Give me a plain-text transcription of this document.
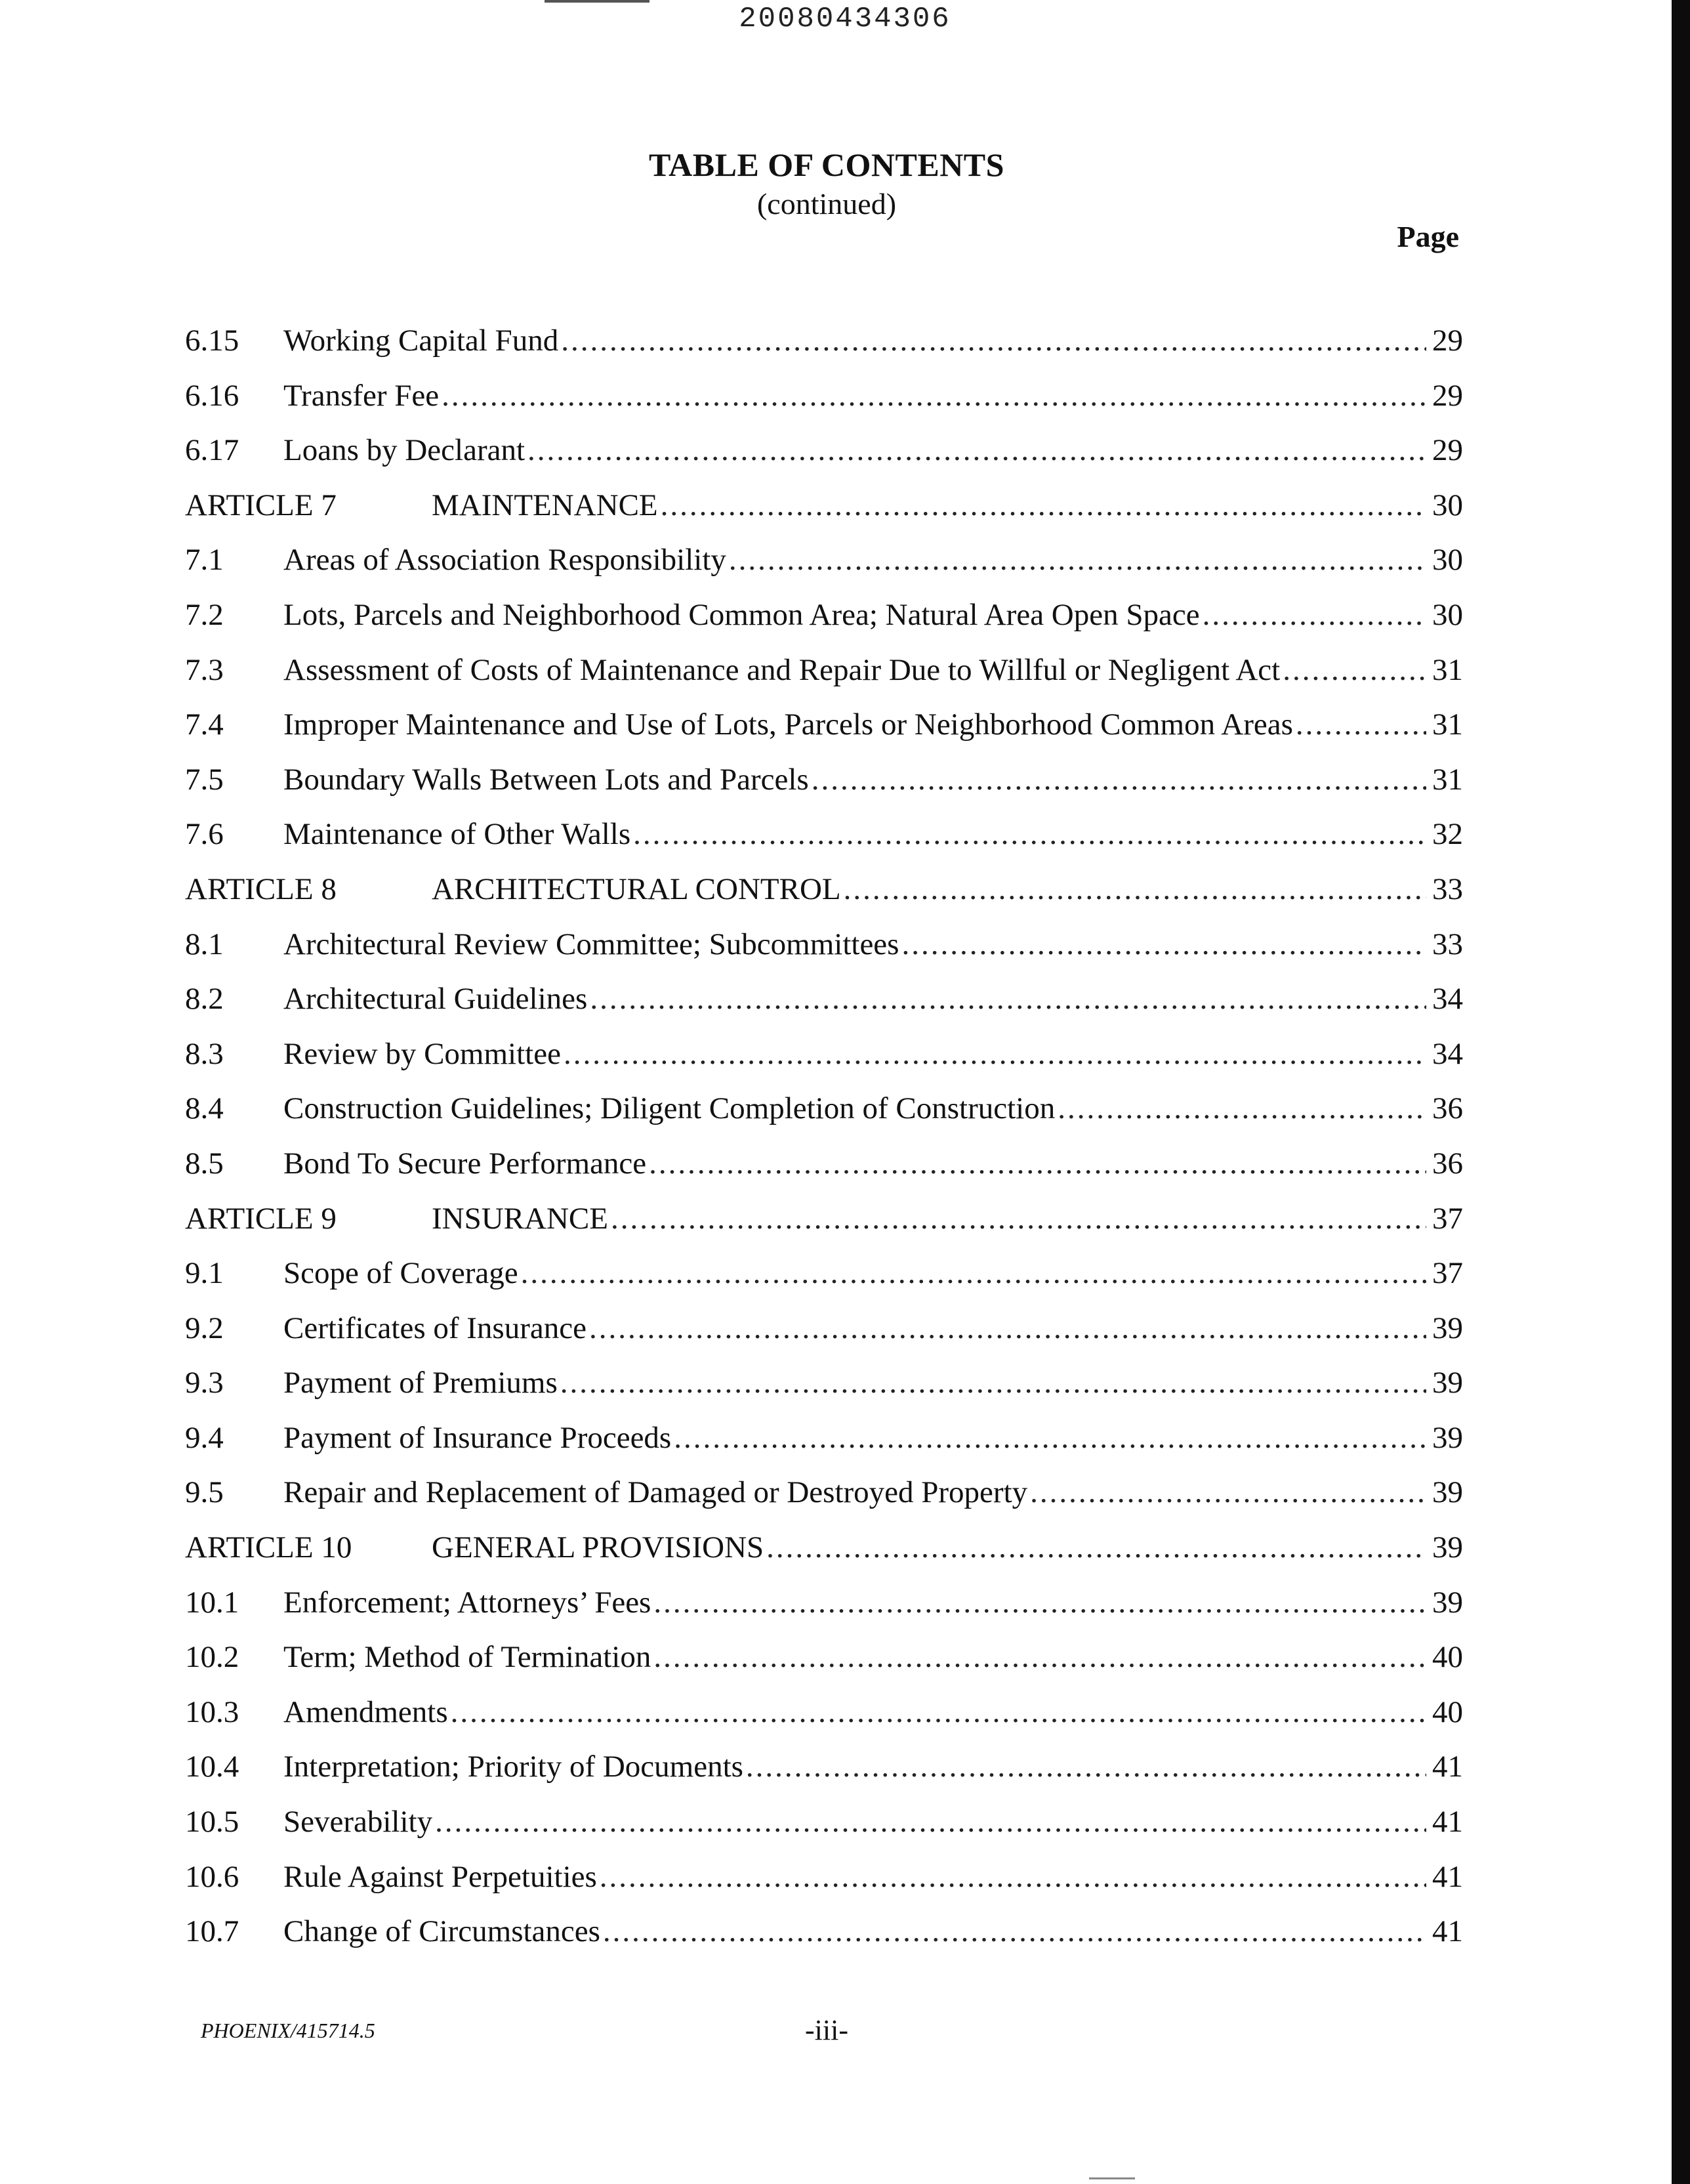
20080434306
TABLE OF CONTENTS
(continued)
Page
6.15	Working Capital Fund .....	29
6.16	Transfer Fee .....	29
6.17	Loans by Declarant .....	29
ARTICLE 7	MAINTENANCE .....	30
7.1	Areas of Association Responsibility .....	30
7.2	Lots, Parcels and Neighborhood Common Area; Natural Area Open Space .....	30
7.3	Assessment of Costs of Maintenance and Repair Due to Willful or Negligent Act .....	31
7.4	Improper Maintenance and Use of Lots, Parcels or Neighborhood Common Areas .....	31
7.5	Boundary Walls Between Lots and Parcels .....	31
7.6	Maintenance of Other Walls .....	32
ARTICLE 8	ARCHITECTURAL CONTROL .....	33
8.1	Architectural Review Committee; Subcommittees .....	33
8.2	Architectural Guidelines .....	34
8.3	Review by Committee .....	34
8.4	Construction Guidelines; Diligent Completion of Construction .....	36
8.5	Bond To Secure Performance .....	36
ARTICLE 9	INSURANCE .....	37
9.1	Scope of Coverage .....	37
9.2	Certificates of Insurance .....	39
9.3	Payment of Premiums .....	39
9.4	Payment of Insurance Proceeds .....	39
9.5	Repair and Replacement of Damaged or Destroyed Property .....	39
ARTICLE 10	GENERAL PROVISIONS .....	39
10.1	Enforcement; Attorneys’ Fees .....	39
10.2	Term; Method of Termination .....	40
10.3	Amendments .....	40
10.4	Interpretation; Priority of Documents .....	41
10.5	Severability .....	41
10.6	Rule Against Perpetuities .....	41
10.7	Change of Circumstances .....	41
PHOENIX/415714.5	-iii-
